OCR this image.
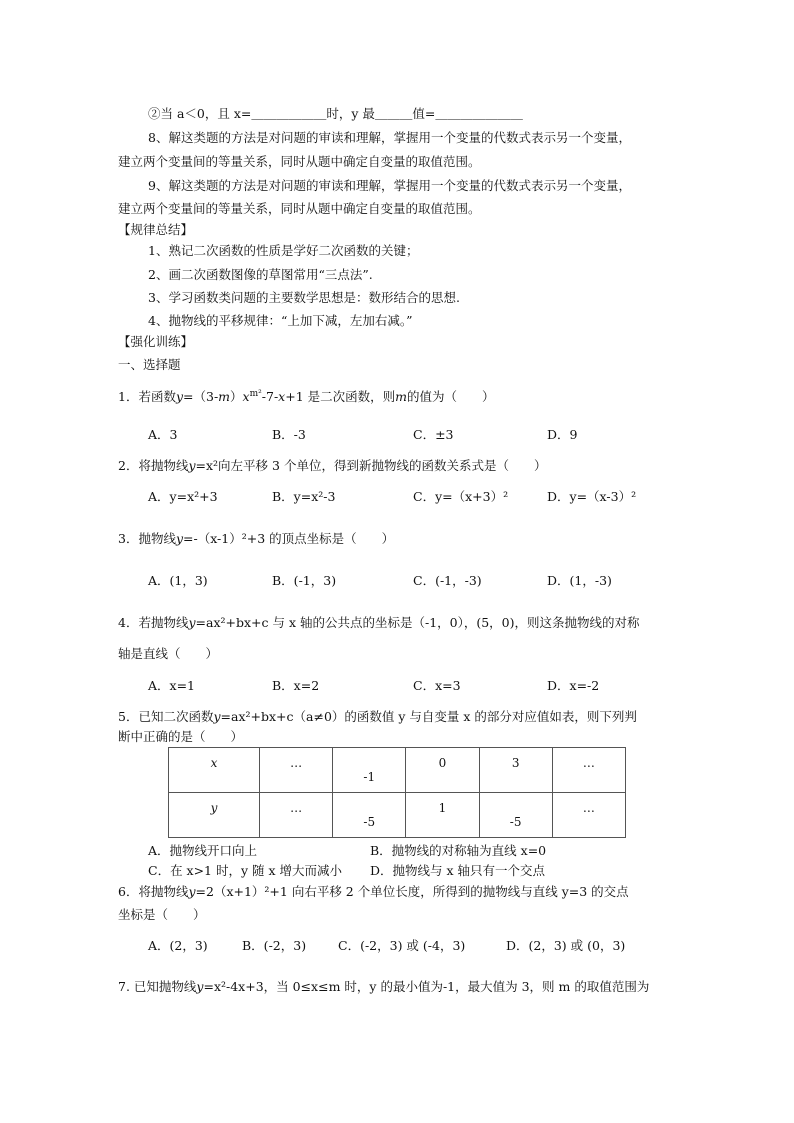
②当 a＜0，且 x=＿＿＿＿＿＿时，y 最＿＿＿值=＿＿＿＿＿＿＿
8、解这类题的方法是对问题的审读和理解，掌握用一个变量的代数式表示另一个变量，
建立两个变量间的等量关系，同时从题中确定自变量的取值范围。
9、解这类题的方法是对问题的审读和理解，掌握用一个变量的代数式表示另一个变量，
建立两个变量间的等量关系，同时从题中确定自变量的取值范围。
【规律总结】
1、熟记二次函数的性质是学好二次函数的关键；
2、画二次函数图像的草图常用“三点法”.
3、学习函数类问题的主要数学思想是：数形结合的思想.
4、抛物线的平移规律：“上加下减，左加右减。”
【强化训练】
一、选择题
1．若函数$y=(3-m)x^{m^2}-7-x+1$ 是二次函数，则m的值为（　　）
A．3	B．-3	C．±3	D．9
2．将抛物线y=x²向左平移 3 个单位，得到新抛物线的函数关系式是（　　）
A．y=x²+3	B．y=x²-3	C．y=（x+3）²	D．y=（x-3）²
3．抛物线y=-（x-1）²+3 的顶点坐标是（　　）
A．(1，3)	B．(-1，3)	C．(-1，-3)	D．(1，-3)
4．若抛物线y=ax²+bx+c 与 x 轴的公共点的坐标是（-1，0），(5，0)，则这条抛物线的对称
轴是直线（　　）
A．x=1	B．x=2	C．x=3	D．x=-2
5．已知二次函数y=ax²+bx+c（a≠0）的函数值 y 与自变量 x 的部分对应值如表，则下列判
断中正确的是（　　）
x	…	-1	0	3	…
y	…	-5	1	-5	…
A．抛物线开口向上	B．抛物线的对称轴为直线 x=0
C．在 x>1 时，y 随 x 增大而减小 D．抛物线与 x 轴只有一个交点
6．将抛物线y=2（x+1）²+1 向右平移 2 个单位长度，所得到的抛物线与直线 y=3 的交点
坐标是（　　）
A．(2，3)	B．(-2，3)	C．(-2，3) 或 (-4，3)	D．(2，3) 或 (0，3)
7. 已知抛物线y=x²-4x+3，当 0≤x≤m 时，y 的最小值为-1，最大值为 3，则 m 的取值范围为
